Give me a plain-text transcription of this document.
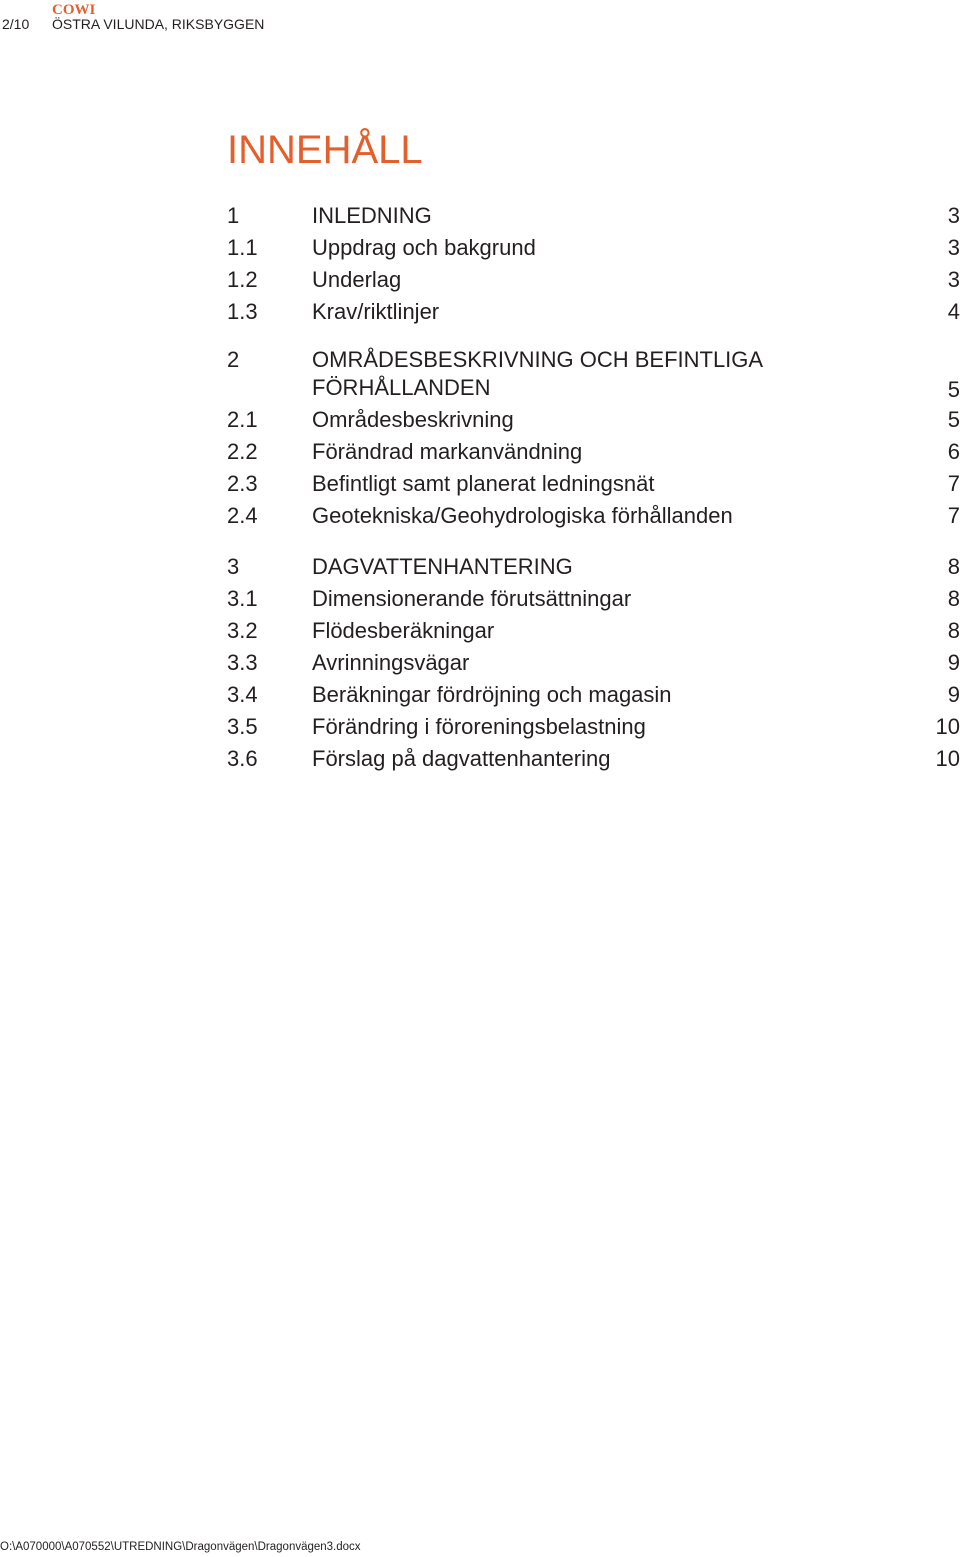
2/10
COWI
ÖSTRA VILUNDA, RIKSBYGGEN
INNEHÅLL
1	INLEDNING	3
1.1 Uppdrag och bakgrund	3
1.2 Underlag	3
1.3 Krav/riktlinjer	4
2	OMRÅDESBESKRIVNING OCH BEFINTLIGA
FÖRHÅLLANDEN	5
2.1 Områdesbeskrivning	5
2.2 Förändrad markanvändning	6
2.3 Befintligt samt planerat ledningsnät	7
2.4 Geotekniska/Geohydrologiska förhållanden	7
3	DAGVATTENHANTERING	8
3.1 Dimensionerande förutsättningar	8
3.2 Flödesberäkningar	8
3.3 Avrinningsvägar	9
3.4 Beräkningar fördröjning och magasin	9
3.5 Förändring i föroreningsbelastning	10
3.6 Förslag på dagvattenhantering	10
O:\A070000\A070552\UTREDNING\Dragonvägen\Dragonvägen3.docx
